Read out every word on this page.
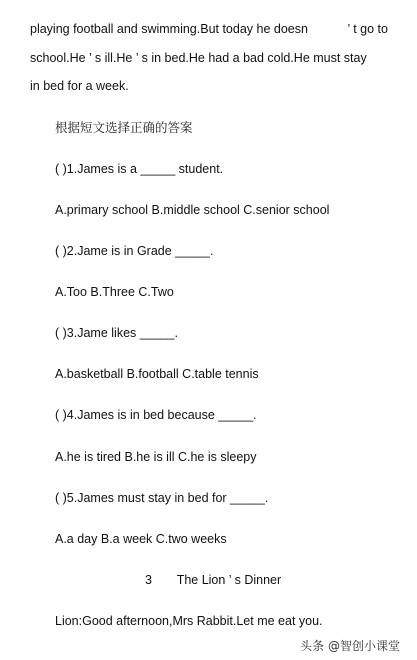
playing football and swimming.But today he doesn	’ t go to
school.He ’ s ill.He ’ s in bed.He had a bad cold.He must stay
in bed for a week.
根据短文选择正确的答案
( )1.James is a _____ student.
A.primary school B.middle school C.senior school
( )2.Jame is in Grade _____.
A.Too B.Three C.Two
( )3.Jame likes _____.
A.basketball B.football C.table tennis
( )4.James is in bed because _____.
A.he is tired B.he is ill C.he is sleepy
( )5.James must stay in bed for _____.
A.a day B.a week C.two weeks
3 The Lion ’ s Dinner
Lion:Good afternoon,Mrs Rabbit.Let me eat you.
头条 @智创小课堂
